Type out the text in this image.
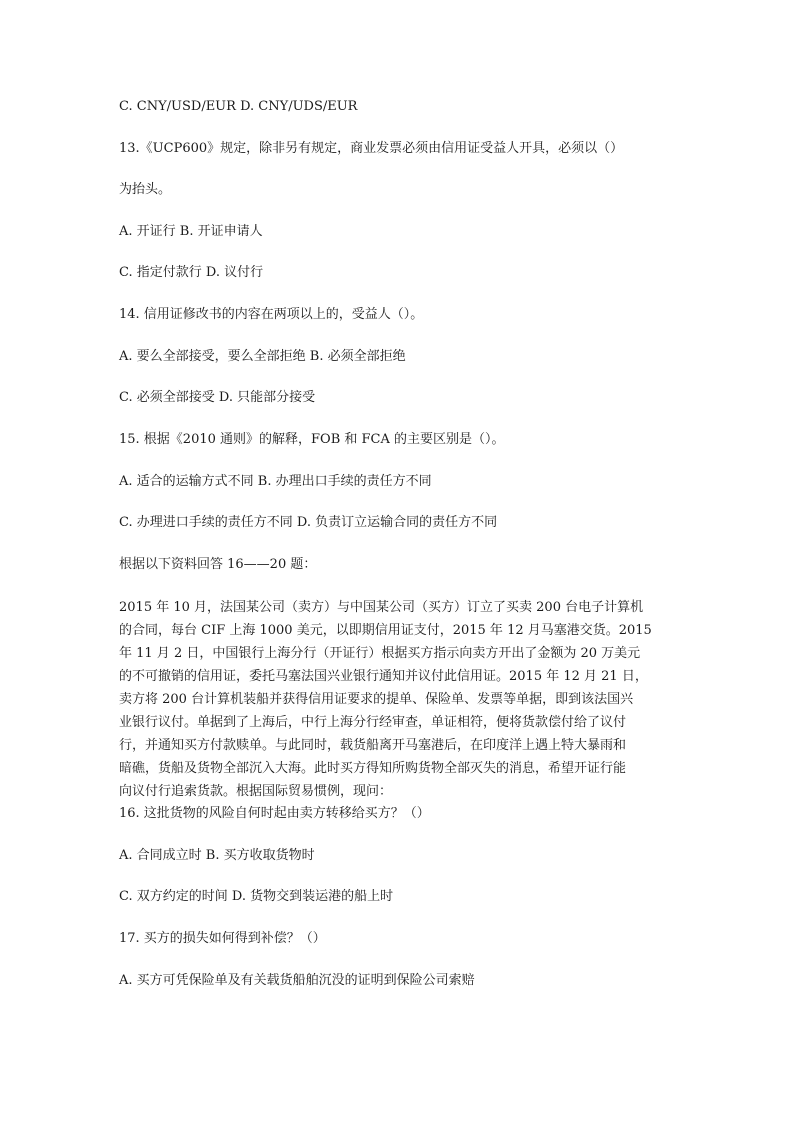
C. CNY/USD/EUR D. CNY/UDS/EUR
13.《UCP600》规定，除非另有规定，商业发票必须由信用证受益人开具，必须以（）
为抬头。
A. 开证行 B. 开证申请人
C. 指定付款行 D. 议付行
14. 信用证修改书的内容在两项以上的，受益人（）。
A. 要么全部接受，要么全部拒绝 B. 必须全部拒绝
C. 必须全部接受 D. 只能部分接受
15. 根据《2010 通则》的解释，FOB 和 FCA 的主要区别是（）。
A. 适合的运输方式不同 B. 办理出口手续的责任方不同
C. 办理进口手续的责任方不同 D. 负责订立运输合同的责任方不同
根据以下资料回答 16——20 题：
2015 年 10 月，法国某公司（卖方）与中国某公司（买方）订立了买卖 200 台电子计算机
的合同，每台 CIF 上海 1000 美元，以即期信用证支付，2015 年 12 月马塞港交货。2015
年 11 月 2 日，中国银行上海分行（开证行）根据买方指示向卖方开出了金额为 20 万美元
的不可撤销的信用证，委托马塞法国兴业银行通知并议付此信用证。2015 年 12 月 21 日，
卖方将 200 台计算机装船并获得信用证要求的提单、保险单、发票等单据，即到该法国兴
业银行议付。单据到了上海后，中行上海分行经审查，单证相符，便将货款偿付给了议付
行，并通知买方付款赎单。与此同时，载货船离开马塞港后，在印度洋上遇上特大暴雨和
暗礁，货船及货物全部沉入大海。此时买方得知所购货物全部灭失的消息，希望开证行能
向议付行追索货款。根据国际贸易惯例，现问：
16. 这批货物的风险自何时起由卖方转移给买方？（）
A. 合同成立时 B. 买方收取货物时
C. 双方约定的时间 D. 货物交到装运港的船上时
17. 买方的损失如何得到补偿？（）
A. 买方可凭保险单及有关载货船舶沉没的证明到保险公司索赔
